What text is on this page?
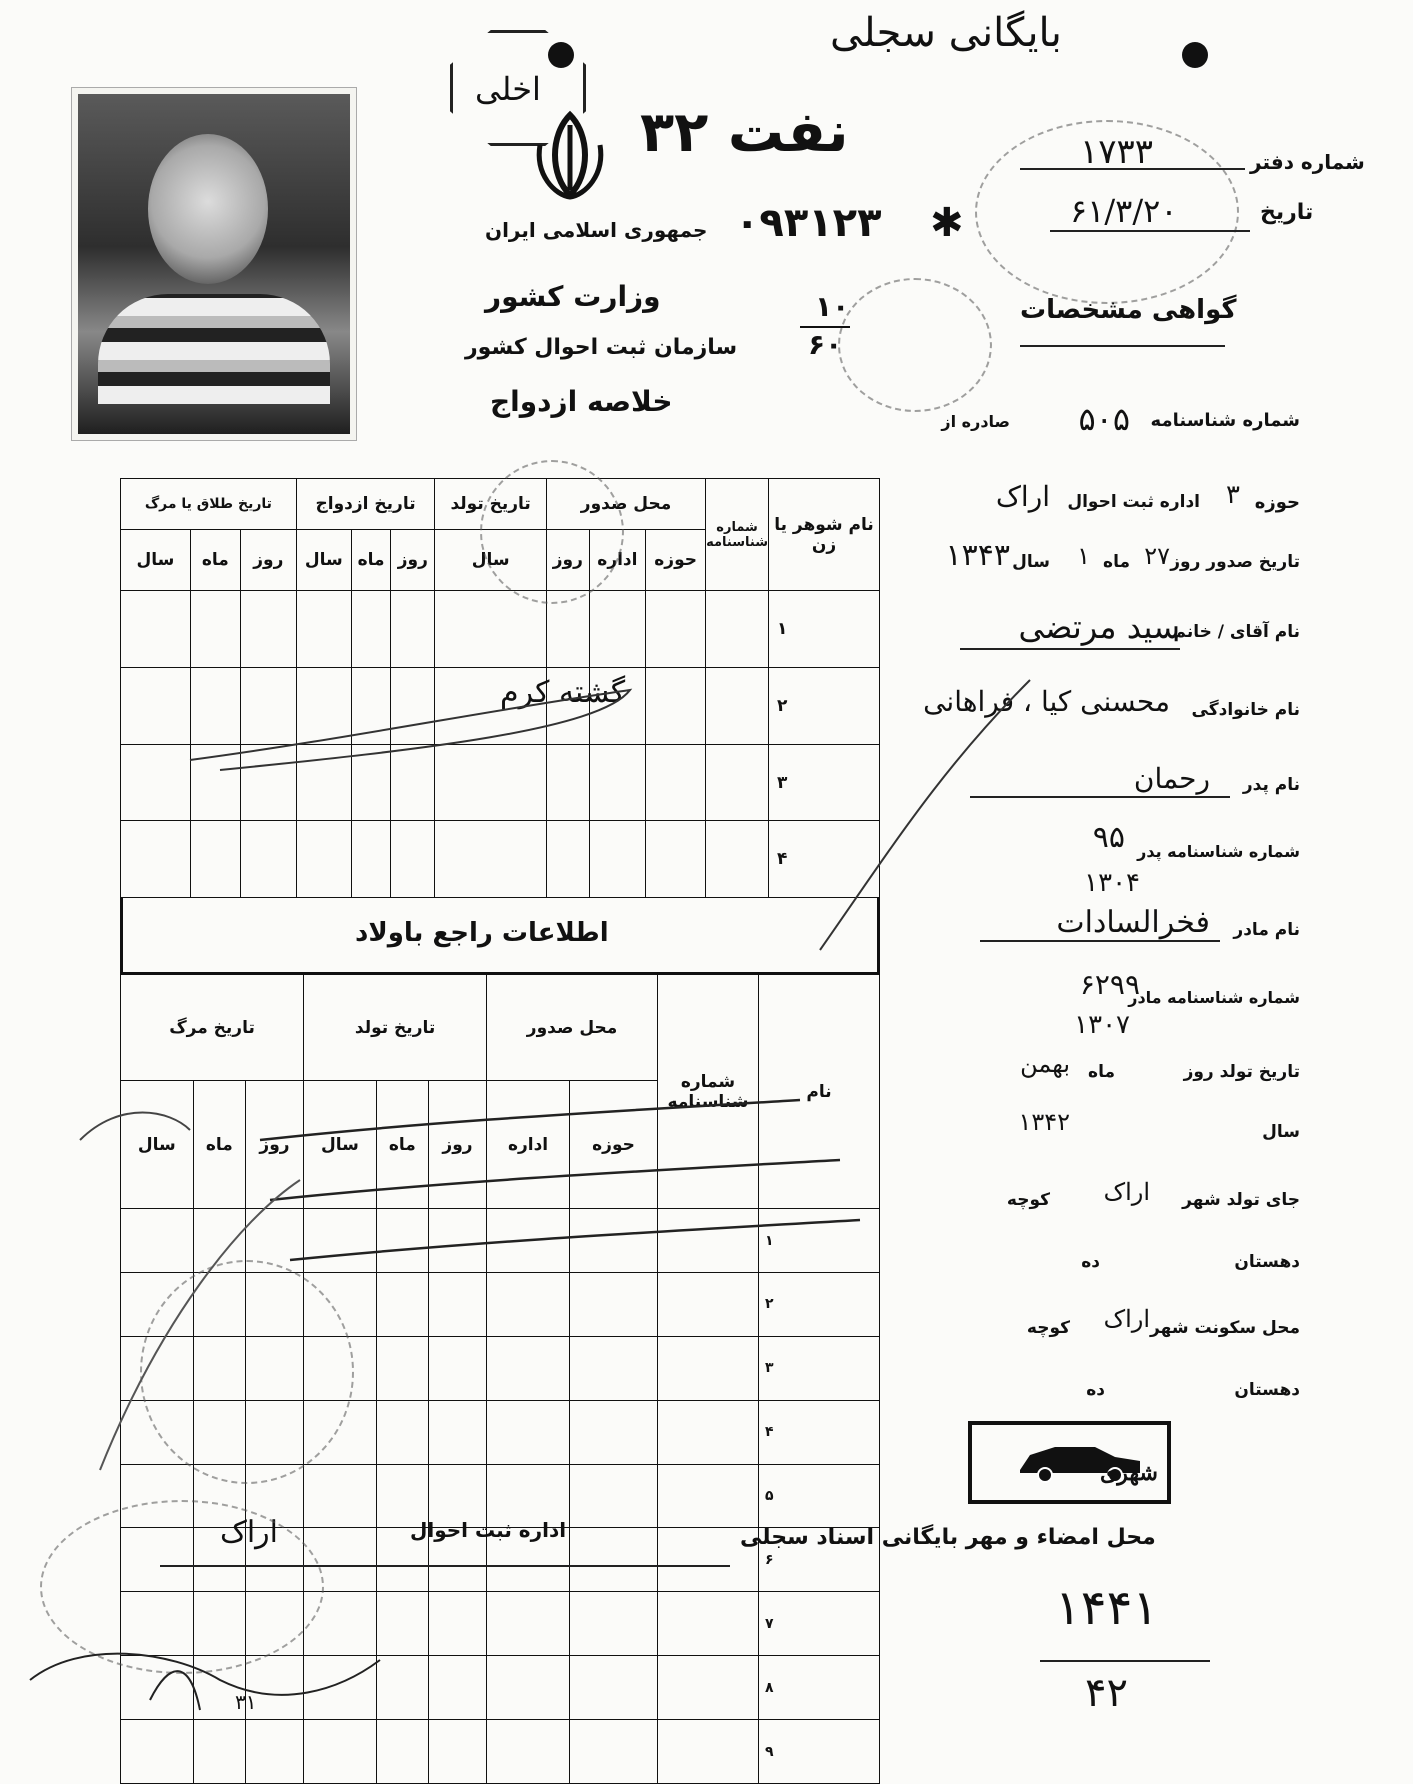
بایگانی سجلی
نفت ۳۲
اخلی
جمهوری اسلامی ایران
وزارت کشور
سازمان ثبت احوال کشور
خلاصه ازدواج
۰۹۳۱۲۳ ✱
۱۰
۶۰
شماره دفتر
۱۷۳۳
تاریخ
۶۱/۳/۲۰
گواهی مشخصات
شماره شناسنامه
۵۰۵
صادره از
حوزه
۳
اداره ثبت احوال
اراک
تاریخ صدور روز
۲۷
ماه
۱
سال
۱۳۴۳
نام آقای / خانم
سید مرتضی
نام خانوادگی
محسنی کیا ، فراهانی
نام پدر
رحمان
شماره شناسنامه پدر
۹۵
۱۳۰۴
نام مادر
فخرالسادات
شماره شناسنامه مادر
۶۲۹۹
۱۳۰۷
تاریخ تولد روز
ماه
بهمن
سال
۱۳۴۲
جای تولد شهر
اراک
کوچه
دهستان
ده
محل سکونت شهر
اراک
کوچه
دهستان
ده
نام شوهر یا زن	شماره شناسنامه	محل صدور			تاریخ تولد	تاریخ ازدواج			تاریخ طلاق یا مرگ		
		حوزه	اداره	روز	سال	روز	ماه	سال	روز	ماه	سال
۱											
۲											
۳											
۴											
گشته کرم
اطلاعات راجع باولاد
نام	شماره شناسنامه	محل صدور		تاریخ تولد			تاریخ مرگ		
		حوزه	اداره	روز	ماه	سال	روز	ماه	سال
۱									
۲									
۳									
۴									
۵									
۶									
۷									
۸									
۹									
شهری
محل امضاء و مهر بایگانی اسناد سجلی
اداره ثبت احوال
اراک
۳۱
۱۴۴۱
۴۲
